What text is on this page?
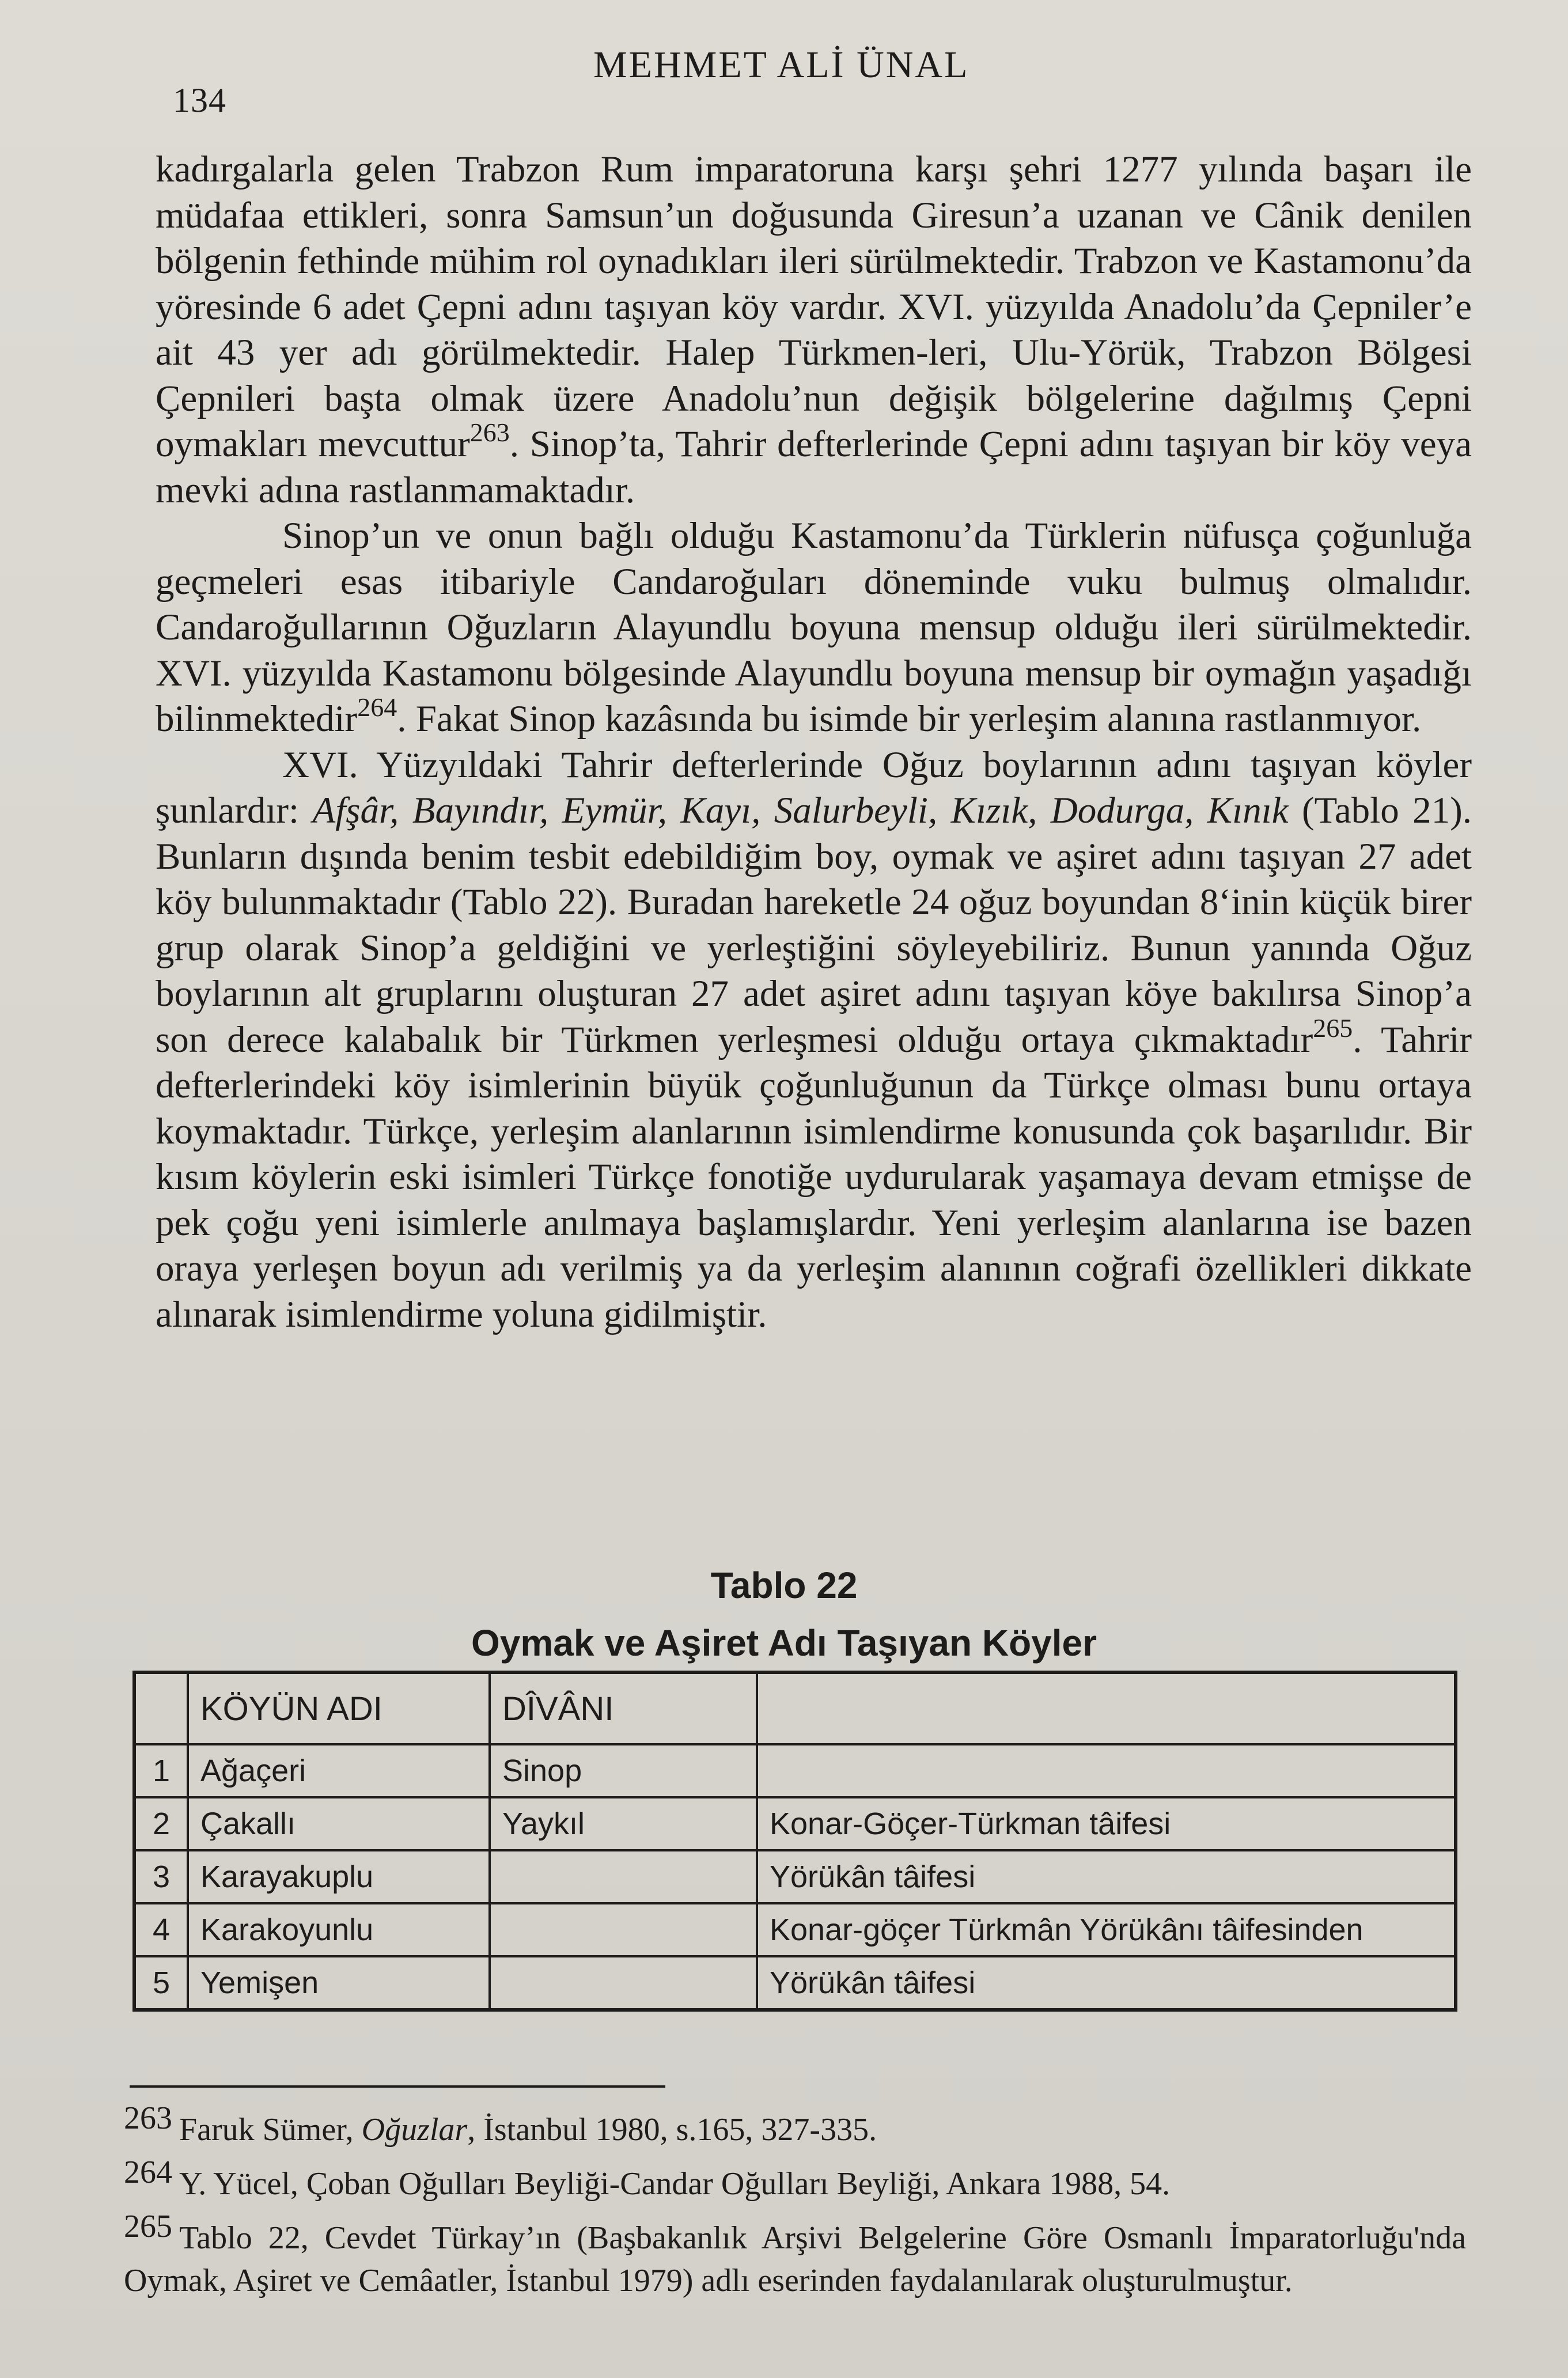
134
MEHMET ALİ ÜNAL

kadırgalarla gelen Trabzon Rum imparatoruna karşı şehri 1277 yılında başarı ile müdafaa ettikleri, sonra Samsun’un doğusunda Giresun’a uzanan ve Cânik denilen bölgenin fethinde mühim rol oynadıkları ileri sürülmektedir. Trabzon ve Kastamonu’da yöresinde 6 adet Çepni adını taşıyan köy vardır. XVI. yüzyılda Anadolu’da Çepniler’e ait 43 yer adı görülmektedir. Halep Türkmen-leri, Ulu-Yörük, Trabzon Bölgesi Çepnileri başta olmak üzere Anadolu’nun değişik bölgelerine dağılmış Çepni oymakları mevcuttur$^{263}$. Sinop’ta, Tahrir defterlerinde Çepni adını taşıyan bir köy veya mevki adına rastlanmamaktadır.

Sinop’un ve onun bağlı olduğu Kastamonu’da Türklerin nüfusça çoğunluğa geçmeleri esas itibariyle Candaroğuları döneminde vuku bulmuş olmalıdır. Candaroğullarının Oğuzların Alayundlu boyuna mensup olduğu ileri sürülmektedir. XVI. yüzyılda Kastamonu bölgesinde Alayundlu boyuna mensup bir oymağın yaşadığı bilinmektedir$^{264}$. Fakat Sinop kazâsında bu isimde bir yerleşim alanına rastlanmıyor.

XVI. Yüzyıldaki Tahrir defterlerinde Oğuz boylarının adını taşıyan köyler şunlardır: Afşâr, Bayındır, Eymür, Kayı, Salurbeyli, Kızık, Dodurga, Kınık (Tablo 21). Bunların dışında benim tesbit edebildiğim boy, oymak ve aşiret adını taşıyan 27 adet köy bulunmaktadır (Tablo 22). Buradan hareketle 24 oğuz boyundan 8‘inin küçük birer grup olarak Sinop’a geldiğini ve yerleştiğini söyleyebiliriz. Bunun yanında Oğuz boylarının alt gruplarını oluşturan 27 adet aşiret adını taşıyan köye bakılırsa Sinop’a son derece kalabalık bir Türkmen yerleşmesi olduğu ortaya çıkmaktadır$^{265}$. Tahrir defterlerindeki köy isimlerinin büyük çoğunluğunun da Türkçe olması bunu ortaya koymaktadır. Türkçe, yerleşim alanlarının isimlendirme konusunda çok başarılıdır. Bir kısım köylerin eski isimleri Türkçe fonotiğe uydurularak yaşamaya devam etmişse de pek çoğu yeni isimlerle anılmaya başlamışlardır. Yeni yerleşim alanlarına ise bazen oraya yerleşen boyun adı verilmiş ya da yerleşim alanının coğrafi özellikleri dikkate alınarak isimlendirme yoluna gidilmiştir.

Tablo 22
Oymak ve Aşiret Adı Taşıyan Köyler
	KÖYÜN ADI	DÎVÂNI	
1	Ağaçeri	Sinop	
2	Çakallı	Yaykıl	Konar-Göçer-Türkman tâifesi
3	Karayakuplu		Yörükân tâifesi
4	Karakoyunlu		Konar-göçer Türkmân Yörükânı tâifesinden
5	Yemişen		Yörükân tâifesi

263 Faruk Sümer, Oğuzlar, İstanbul 1980, s.165, 327-335.

264 Y. Yücel, Çoban Oğulları Beyliği-Candar Oğulları Beyliği, Ankara 1988, 54.

265 Tablo 22, Cevdet Türkay’ın (Başbakanlık Arşivi Belgelerine Göre Osmanlı İmparatorluğu'nda Oymak, Aşiret ve Cemâatler, İstanbul 1979) adlı eserinden faydalanılarak oluşturulmuştur.
